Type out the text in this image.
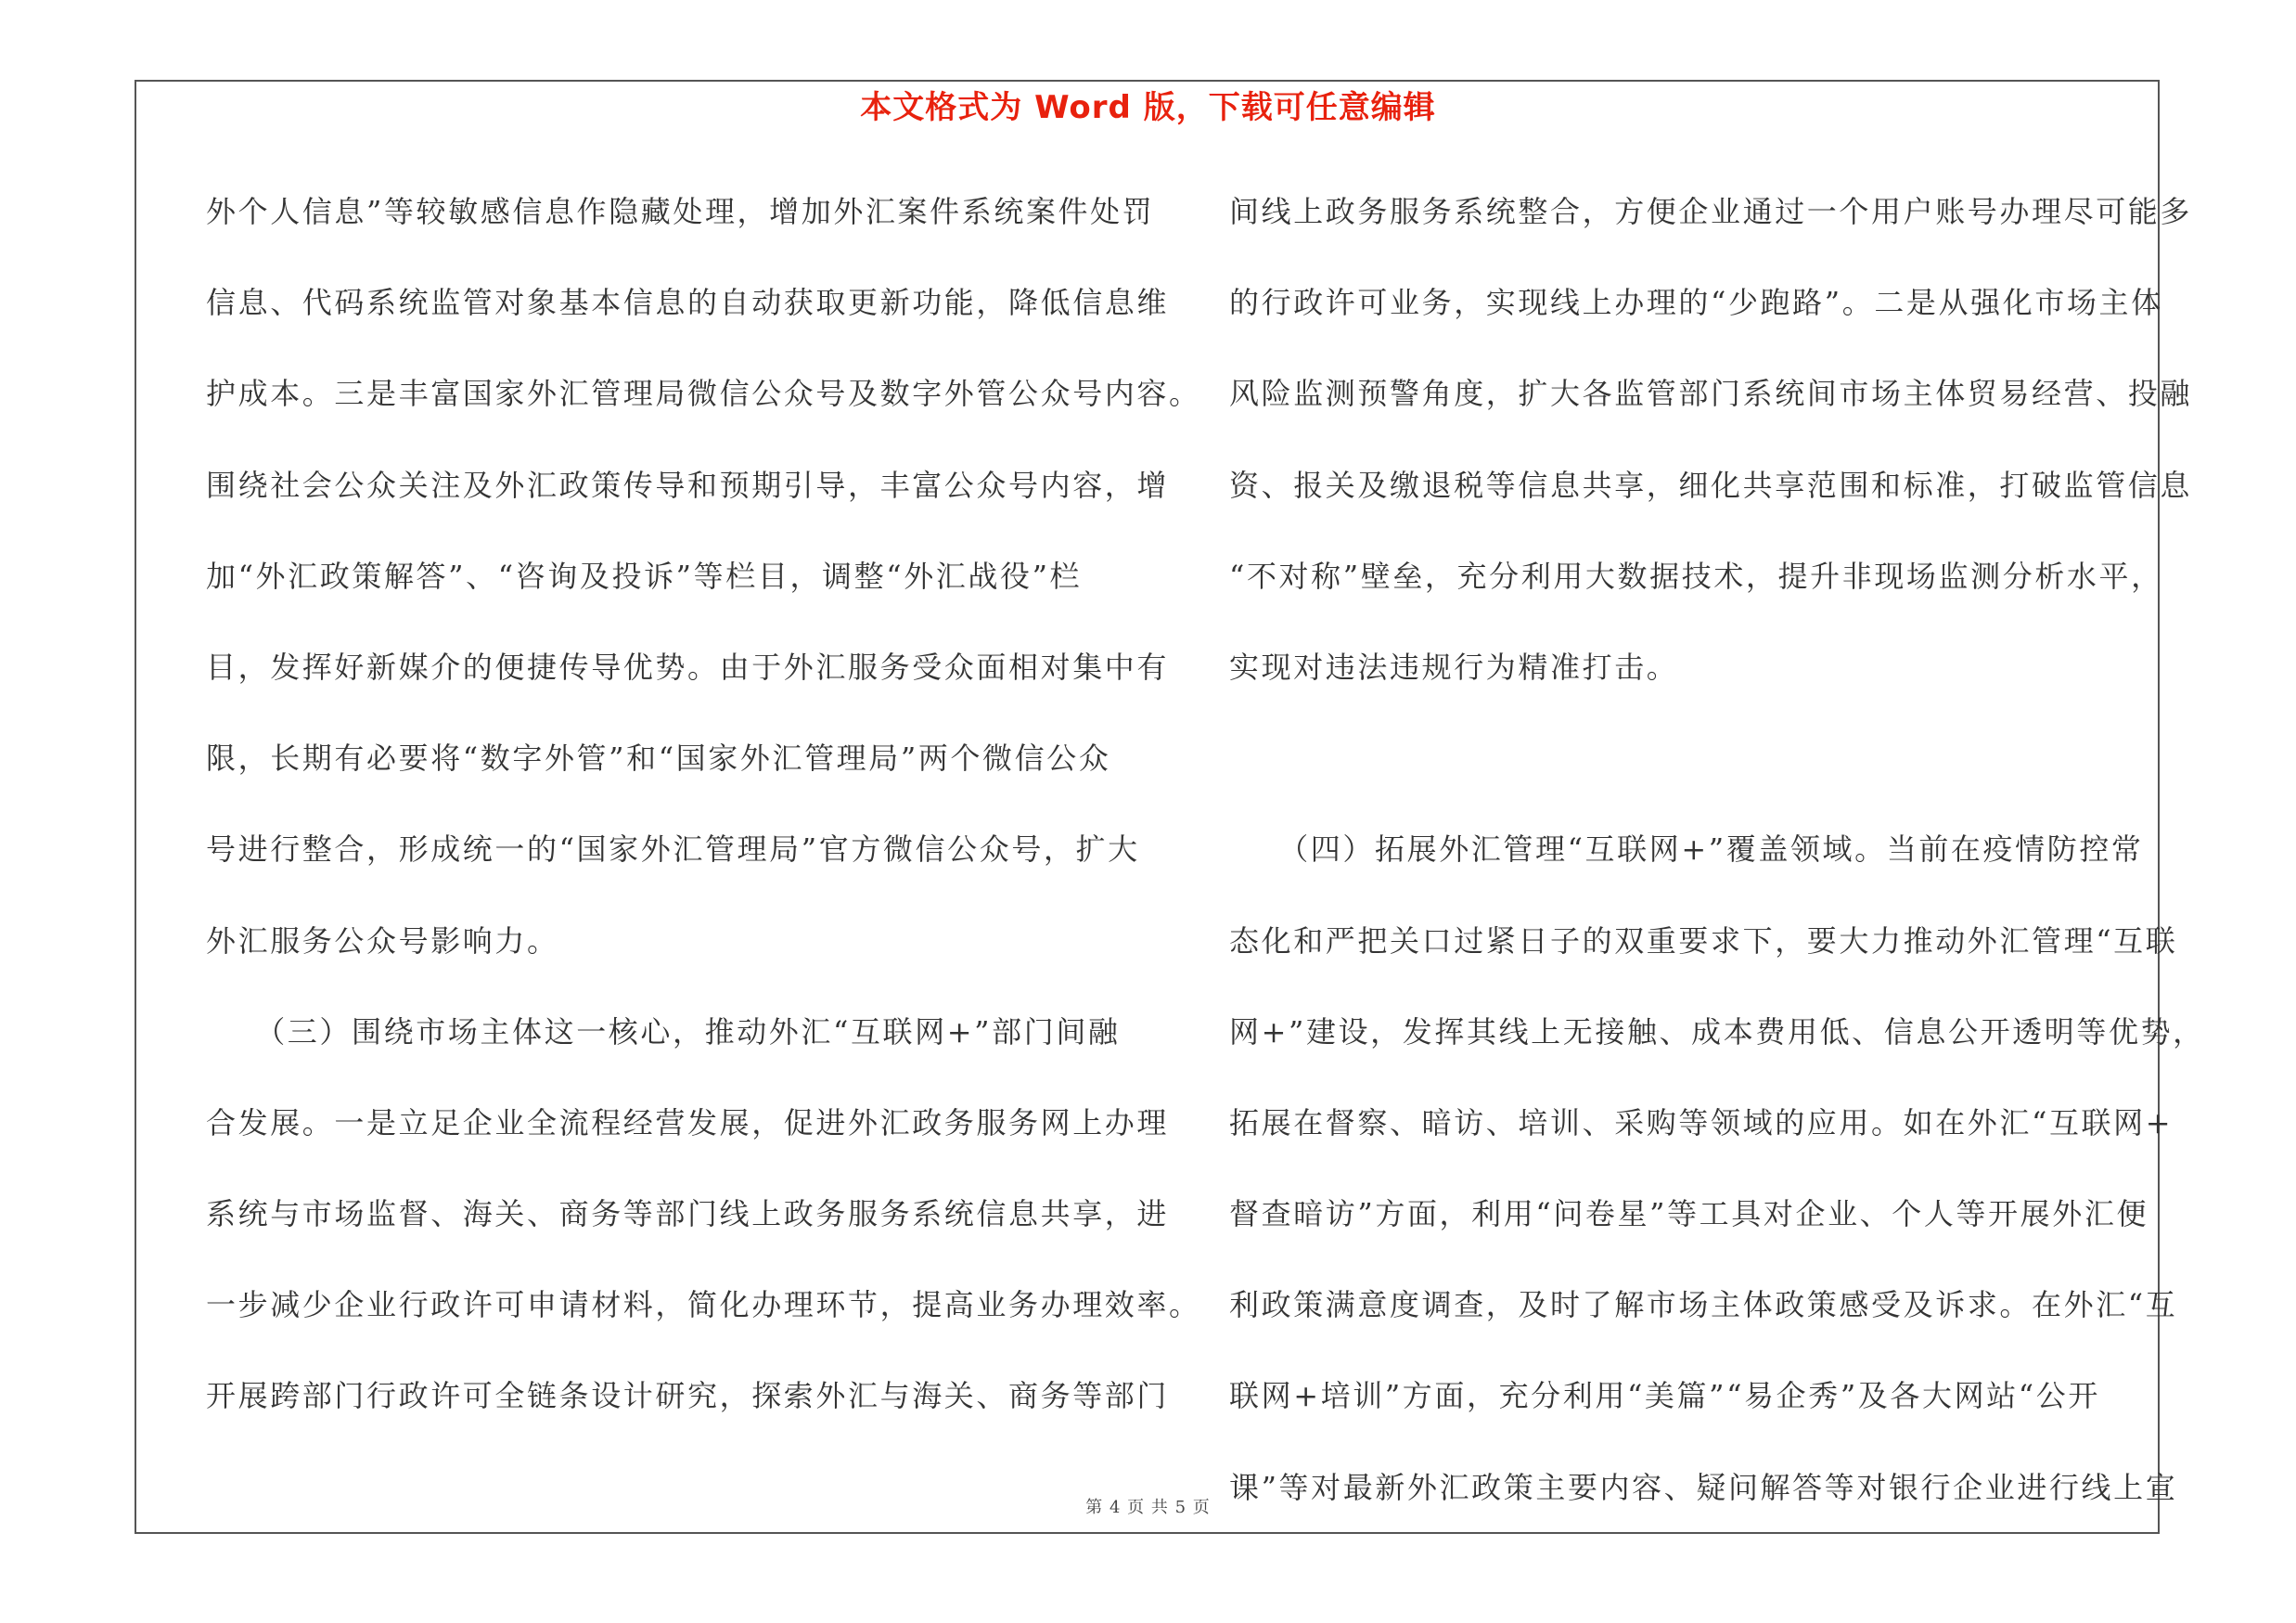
本文格式为 Word 版，下载可任意编辑
外个人信息”等较敏感信息作隐藏处理，增加外汇案件系统案件处罚
信息、代码系统监管对象基本信息的自动获取更新功能，降低信息维
护成本。三是丰富国家外汇管理局微信公众号及数字外管公众号内容。
围绕社会公众关注及外汇政策传导和预期引导，丰富公众号内容，增
加“外汇政策解答”、“咨询及投诉”等栏目，调整“外汇战役”栏
目，发挥好新媒介的便捷传导优势。由于外汇服务受众面相对集中有
限，长期有必要将“数字外管”和“国家外汇管理局”两个微信公众
号进行整合，形成统一的“国家外汇管理局”官方微信公众号，扩大
外汇服务公众号影响力。
　　（三）围绕市场主体这一核心，推动外汇“互联网+”部门间融
合发展。一是立足企业全流程经营发展，促进外汇政务服务网上办理
系统与市场监督、海关、商务等部门线上政务服务系统信息共享，进
一步减少企业行政许可申请材料，简化办理环节，提高业务办理效率。
开展跨部门行政许可全链条设计研究，探索外汇与海关、商务等部门
间线上政务服务系统整合，方便企业通过一个用户账号办理尽可能多
的行政许可业务，实现线上办理的“少跑路”。二是从强化市场主体
风险监测预警角度，扩大各监管部门系统间市场主体贸易经营、投融
资、报关及缴退税等信息共享，细化共享范围和标准，打破监管信息
“不对称”壁垒，充分利用大数据技术，提升非现场监测分析水平，
实现对违法违规行为精准打击。
　　（四）拓展外汇管理“互联网+”覆盖领域。当前在疫情防控常
态化和严把关口过紧日子的双重要求下，要大力推动外汇管理“互联
网+”建设，发挥其线上无接触、成本费用低、信息公开透明等优势，
拓展在督察、暗访、培训、采购等领域的应用。如在外汇“互联网+
督查暗访”方面，利用“问卷星”等工具对企业、个人等开展外汇便
利政策满意度调查，及时了解市场主体政策感受及诉求。在外汇“互
联网+培训”方面，充分利用“美篇”“易企秀”及各大网站“公开
课”等对最新外汇政策主要内容、疑问解答等对银行企业进行线上宣
第 4 页 共 5 页
